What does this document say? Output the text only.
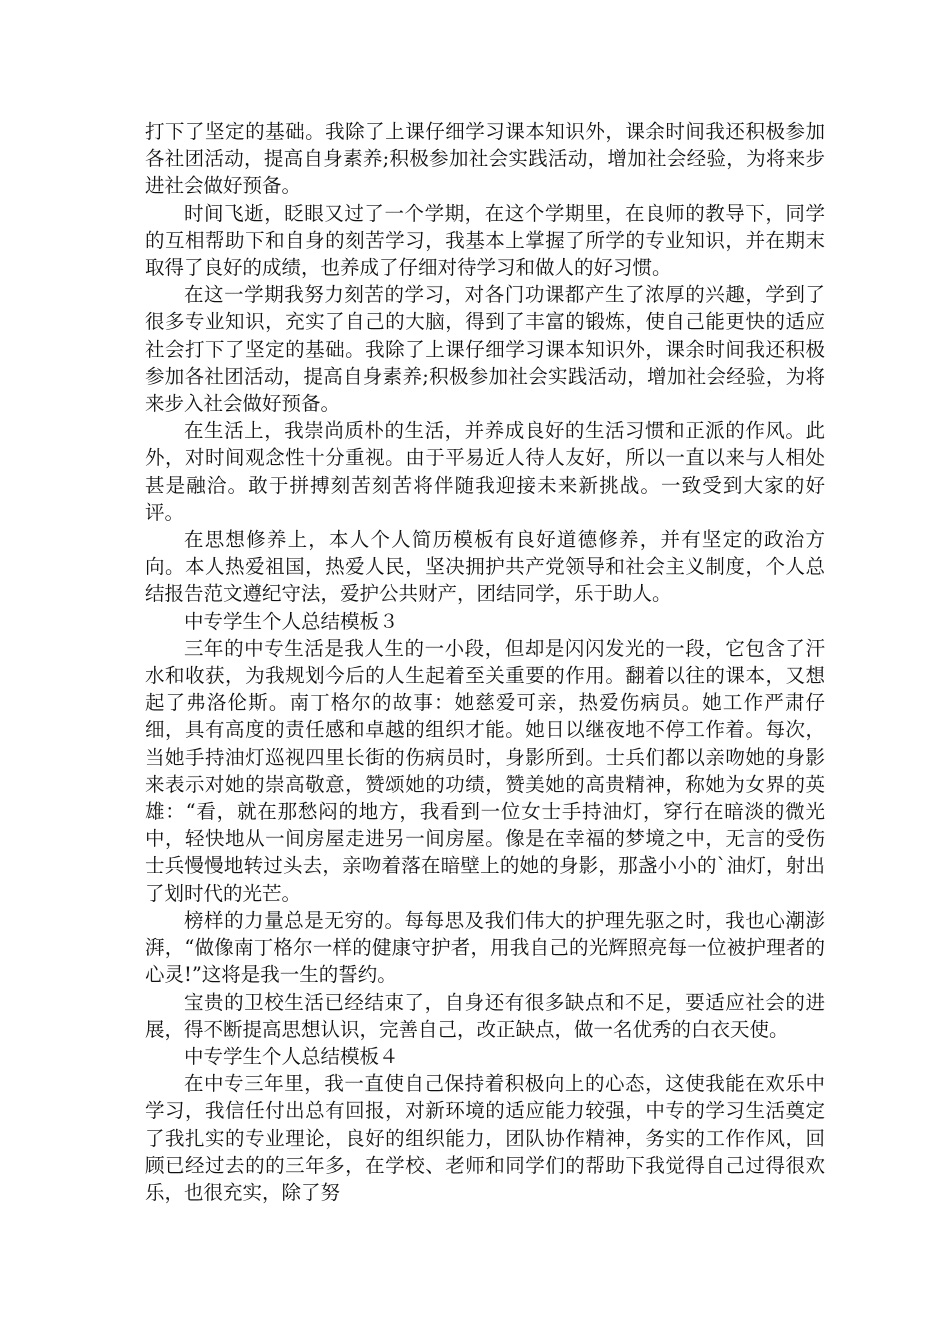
打下了坚定的基础。我除了上课仔细学习课本知识外，课余时间我还积极参加各社团活动，提高自身素养;积极参加社会实践活动，增加社会经验，为将来步进社会做好预备。

时间飞逝，眨眼又过了一个学期，在这个学期里，在良师的教导下，同学的互相帮助下和自身的刻苦学习，我基本上掌握了所学的专业知识，并在期末取得了良好的成绩，也养成了仔细对待学习和做人的好习惯。

在这一学期我努力刻苦的学习，对各门功课都产生了浓厚的兴趣，学到了很多专业知识，充实了自己的大脑，得到了丰富的锻炼，使自己能更快的适应社会打下了坚定的基础。我除了上课仔细学习课本知识外，课余时间我还积极参加各社团活动，提高自身素养;积极参加社会实践活动，增加社会经验，为将来步入社会做好预备。

在生活上，我崇尚质朴的生活，并养成良好的生活习惯和正派的作风。此外，对时间观念性十分重视。由于平易近人待人友好，所以一直以来与人相处甚是融洽。敢于拼搏刻苦刻苦将伴随我迎接未来新挑战。一致受到大家的好评。

在思想修养上，本人个人简历模板有良好道德修养，并有坚定的政治方向。本人热爱祖国，热爱人民，坚决拥护共产党领导和社会主义制度，个人总结报告范文遵纪守法，爱护公共财产，团结同学，乐于助人。

中专学生个人总结模板３

三年的中专生活是我人生的一小段，但却是闪闪发光的一段，它包含了汗水和收获，为我规划今后的人生起着至关重要的作用。翻着以往的课本，又想起了弗洛伦斯。南丁格尔的故事：她慈爱可亲，热爱伤病员。她工作严肃仔细，具有高度的责任感和卓越的组织才能。她日以继夜地不停工作着。每次，当她手持油灯巡视四里长街的伤病员时，身影所到。士兵们都以亲吻她的身影来表示对她的崇高敬意，赞颂她的功绩，赞美她的高贵精神，称她为女界的英雄：“看，就在那愁闷的地方，我看到一位女士手持油灯，穿行在暗淡的微光中，轻快地从一间房屋走进另一间房屋。像是在幸福的梦境之中，无言的受伤士兵慢慢地转过头去，亲吻着落在暗壁上的她的身影，那盏小小的`油灯，射出了划时代的光芒。

榜样的力量总是无穷的。每每思及我们伟大的护理先驱之时，我也心潮澎湃，“做像南丁格尔一样的健康守护者，用我自己的光辉照亮每一位被护理者的心灵!”这将是我一生的誓约。

宝贵的卫校生活已经结束了，自身还有很多缺点和不足，要适应社会的进展，得不断提高思想认识，完善自己，改正缺点，做一名优秀的白衣天使。

中专学生个人总结模板４

在中专三年里，我一直使自己保持着积极向上的心态，这使我能在欢乐中学习，我信任付出总有回报，对新环境的适应能力较强，中专的学习生活奠定了我扎实的专业理论，良好的组织能力，团队协作精神，务实的工作作风，回顾已经过去的的三年多，在学校、老师和同学们的帮助下我觉得自己过得很欢乐，也很充实，除了努
